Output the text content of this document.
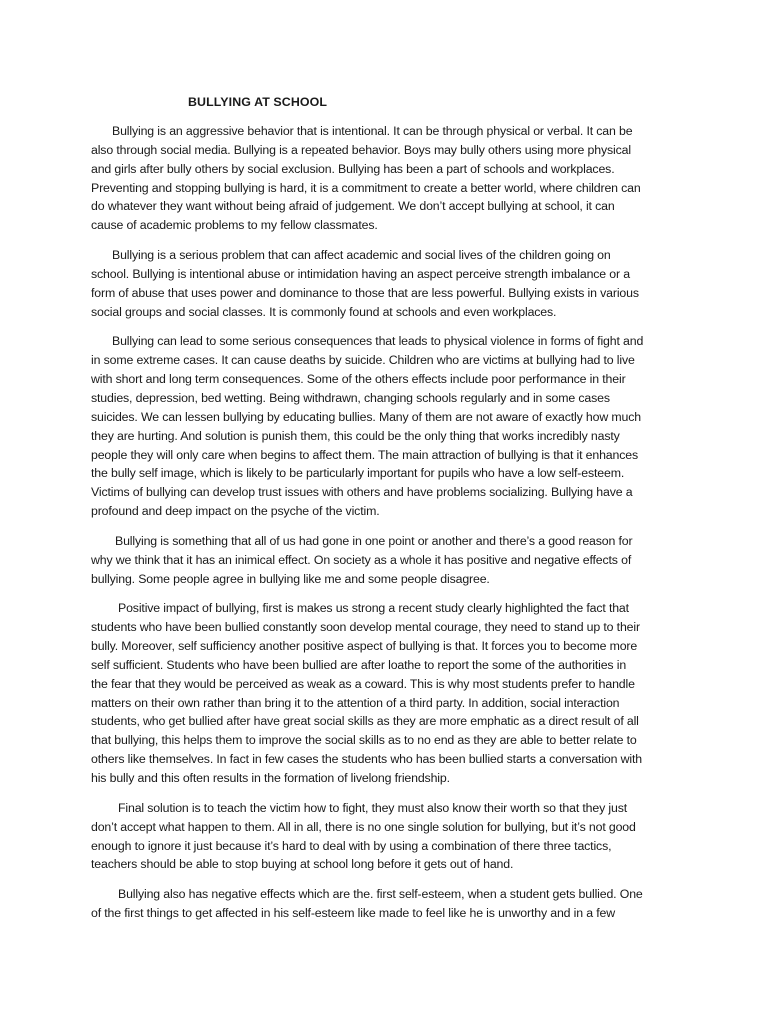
BULLYING AT SCHOOL
Bullying is an aggressive behavior that is intentional. It can be through physical or verbal. It can be
also through social media. Bullying is a repeated behavior. Boys may bully others using more physical
and girls after bully others by social exclusion. Bullying has been a part of schools and workplaces.
Preventing and stopping bullying is hard, it is a commitment to create a better world, where children can
do whatever they want without being afraid of judgement. We don’t accept bullying at school, it can
cause of academic problems to my fellow classmates.
Bullying is a serious problem that can affect academic and social lives of the children going on
school. Bullying is intentional abuse or intimidation having an aspect perceive strength imbalance or a
form of abuse that uses power and dominance to those that are less powerful. Bullying exists in various
social groups and social classes. It is commonly found at schools and even workplaces.
Bullying can lead to some serious consequences that leads to physical violence in forms of fight and
in some extreme cases. It can cause deaths by suicide. Children who are victims at bullying had to live
with short and long term consequences. Some of the others effects include poor performance in their
studies, depression, bed wetting. Being withdrawn, changing schools regularly and in some cases
suicides. We can lessen bullying by educating bullies. Many of them are not aware of exactly how much
they are hurting. And solution is punish them, this could be the only thing that works incredibly nasty
people they will only care when begins to affect them. The main attraction of bullying is that it enhances
the bully self image, which is likely to be particularly important for pupils who have a low self-esteem.
Victims of bullying can develop trust issues with others and have problems socializing. Bullying have a
profound and deep impact on the psyche of the victim.
Bullying is something that all of us had gone in one point or another and there’s a good reason for
why we think that it has an inimical effect. On society as a whole it has positive and negative effects of
bullying. Some people agree in bullying like me and some people disagree.
Positive impact of bullying, first is makes us strong a recent study clearly highlighted the fact that
students who have been bullied constantly soon develop mental courage, they need to stand up to their
bully. Moreover, self sufficiency another positive aspect of bullying is that. It forces you to become more
self sufficient. Students who have been bullied are after loathe to report the some of the authorities in
the fear that they would be perceived as weak as a coward. This is why most students prefer to handle
matters on their own rather than bring it to the attention of a third party. In addition, social interaction
students, who get bullied after have great social skills as they are more emphatic as a direct result of all
that bullying, this helps them to improve the social skills as to no end as they are able to better relate to
others like themselves. In fact in few cases the students who has been bullied starts a conversation with
his bully and this often results in the formation of livelong friendship.
Final solution is to teach the victim how to fight, they must also know their worth so that they just
don’t accept what happen to them. All in all, there is no one single solution for bullying, but it’s not good
enough to ignore it just because it’s hard to deal with by using a combination of there three tactics,
teachers should be able to stop buying at school long before it gets out of hand.
Bullying also has negative effects which are the. first self-esteem, when a student gets bullied. One
of the first things to get affected in his self-esteem like made to feel like he is unworthy and in a few
